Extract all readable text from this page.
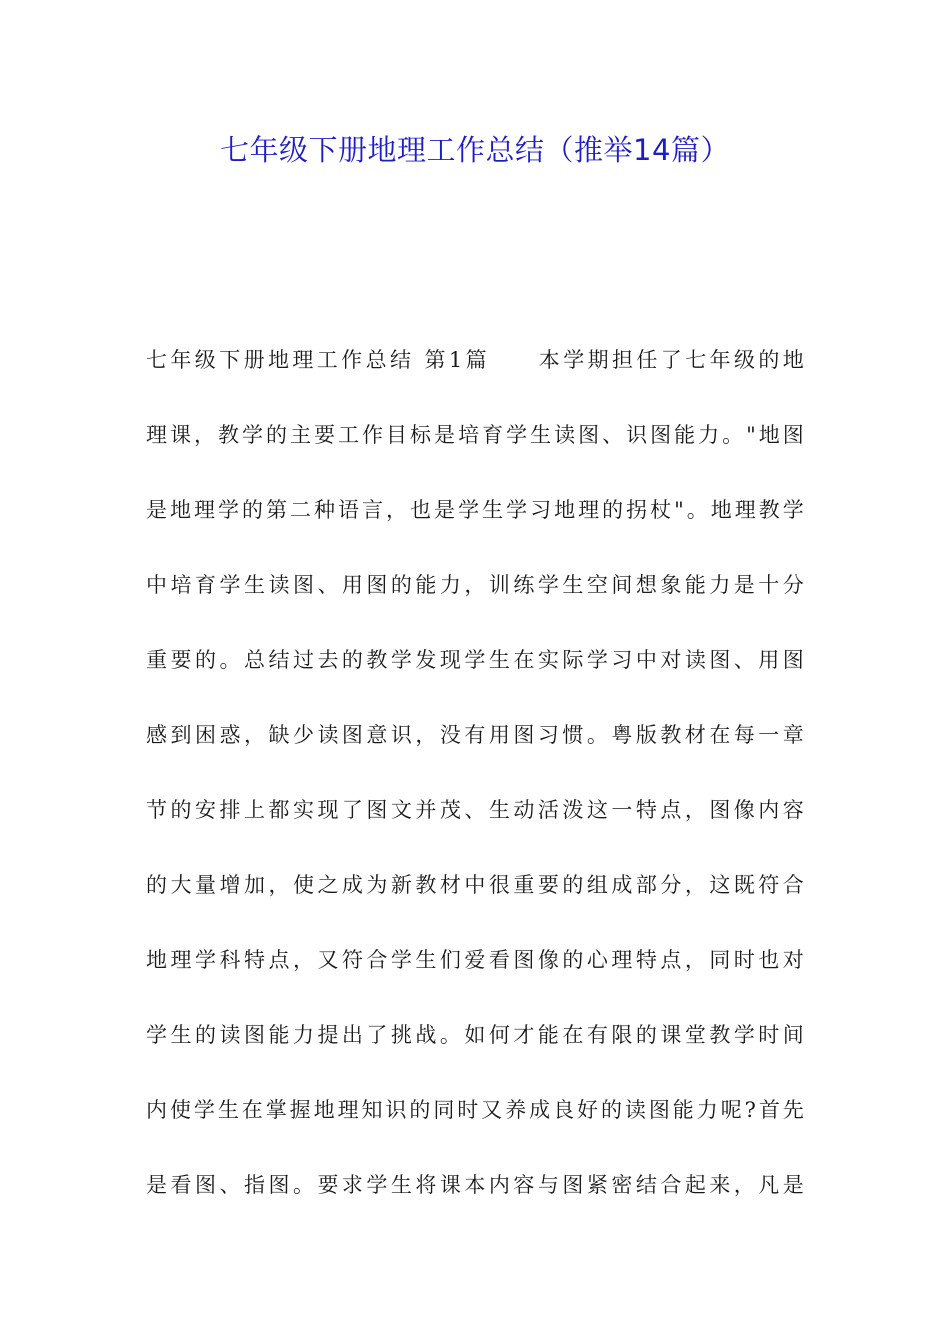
七年级下册地理工作总结（推举14篇）
七年级下册地理工作总结 第1篇　　本学期担任了七年级的地
理课，教学的主要工作目标是培育学生读图、识图能力。"地图
是地理学的第二种语言，也是学生学习地理的拐杖"。地理教学
中培育学生读图、用图的能力，训练学生空间想象能力是十分
重要的。总结过去的教学发现学生在实际学习中对读图、用图
感到困惑，缺少读图意识，没有用图习惯。粤版教材在每一章
节的安排上都实现了图文并茂、生动活泼这一特点，图像内容
的大量增加，使之成为新教材中很重要的组成部分，这既符合
地理学科特点，又符合学生们爱看图像的心理特点，同时也对
学生的读图能力提出了挑战。如何才能在有限的课堂教学时间
内使学生在掌握地理知识的同时又养成良好的读图能力呢?首先
是看图、指图。要求学生将课本内容与图紧密结合起来，凡是
